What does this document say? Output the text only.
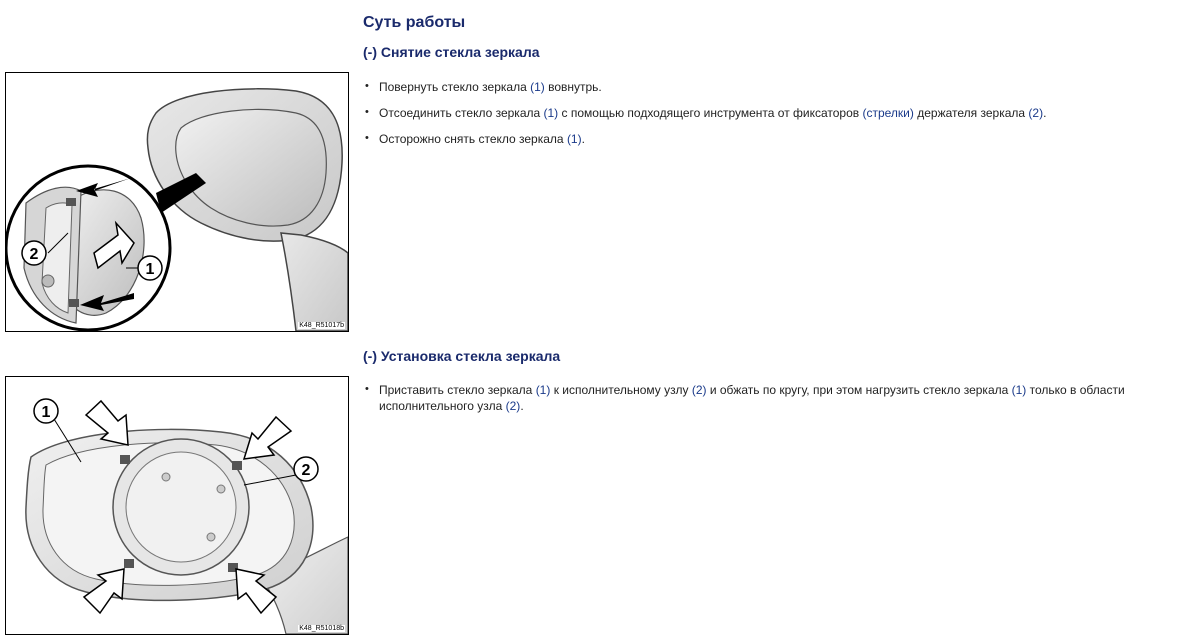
Суть работы
2
1
K48_R51017b
1
2
K48_R51018b
(-) Снятие стекла зеркала
• Повернуть стекло зеркала (1) вовнутрь.
• Отсоединить стекло зеркала (1) с помощью подходящего инструмента от фиксаторов (стрелки) держателя зеркала (2).
• Осторожно снять стекло зеркала (1).
(-) Установка стекла зеркала
• Приставить стекло зеркала (1) к исполнительному узлу (2) и обжать по кругу, при этом нагрузить стекло зеркала (1) только в области исполнительного узла (2).
